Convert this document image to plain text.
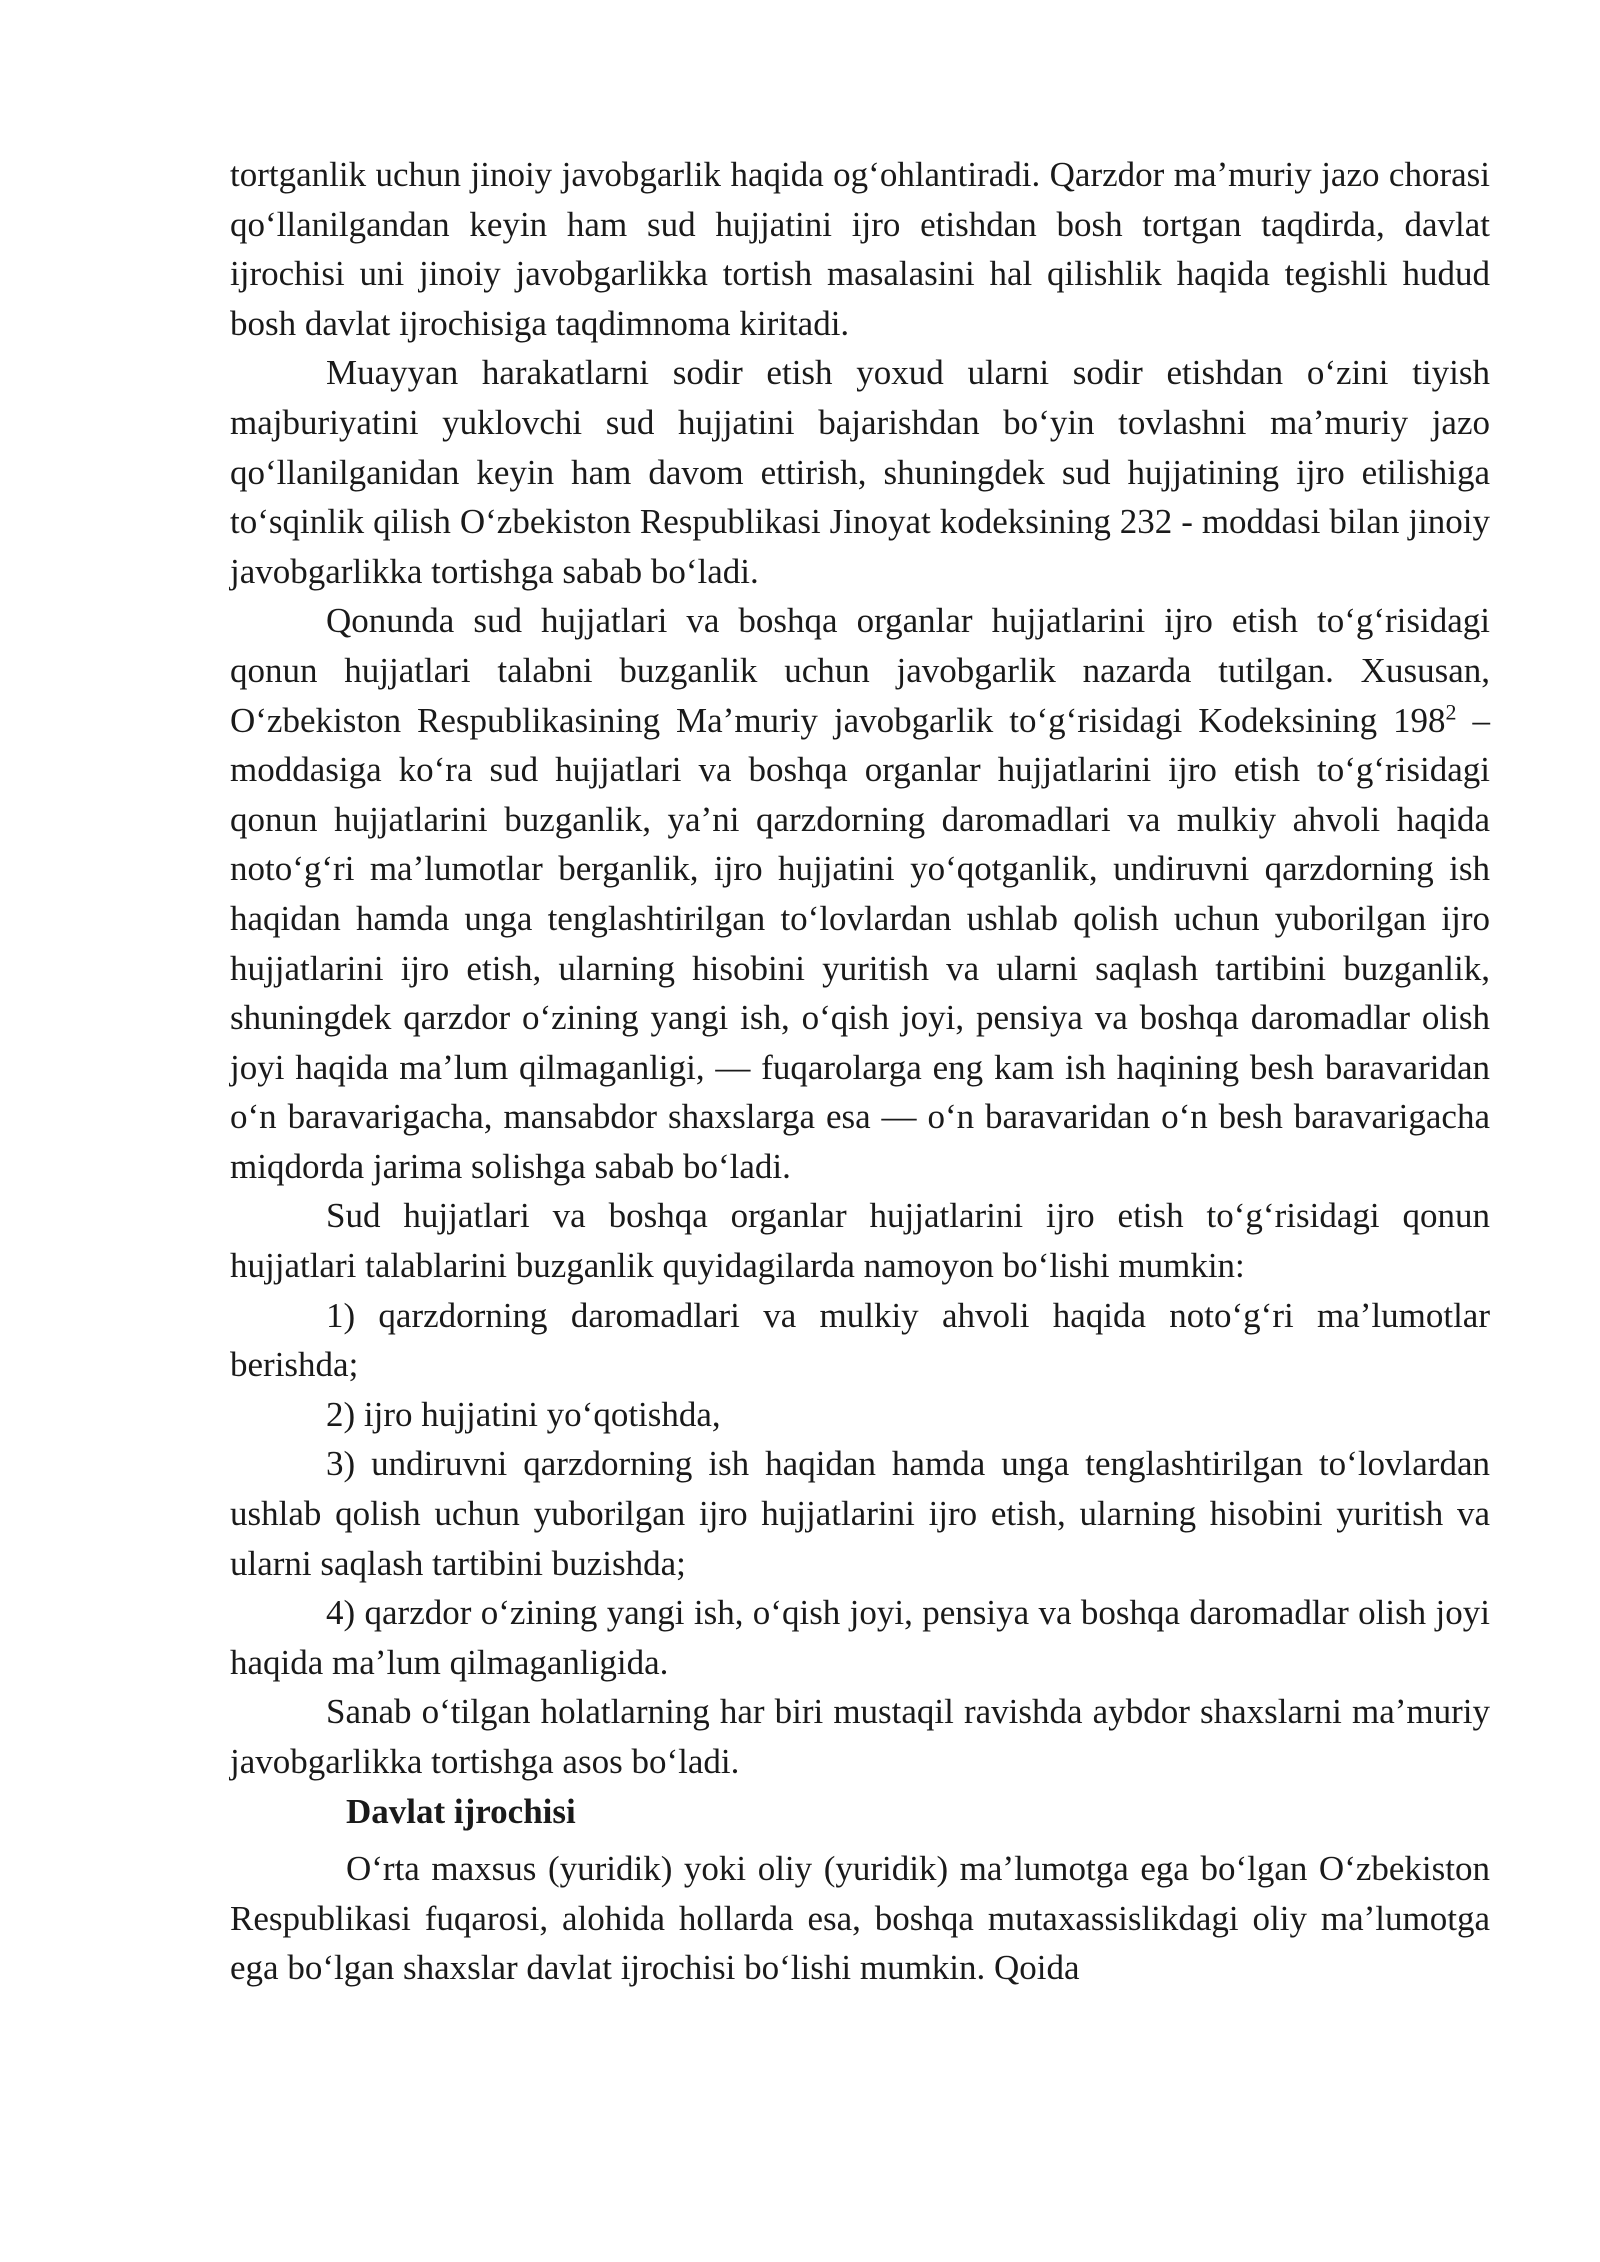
tortganlik uchun jinoiy javobgarlik haqida ogʻohlantiradi. Qarzdor maʼmuriy jazo chorasi qoʻllanilgandan keyin ham sud hujjatini ijro etishdan bosh tortgan taqdirda, davlat ijrochisi uni jinoiy javobgarlikka tortish masalasini hal qilishlik haqida tegishli hudud bosh davlat ijrochisiga taqdimnoma kiritadi.

Muayyan harakatlarni sodir etish yoxud ularni sodir etishdan oʻzini tiyish majburiyatini yuklovchi sud hujjatini bajarishdan boʻyin tovlashni maʼmuriy jazo qoʻllanilganidan keyin ham davom ettirish, shuningdek sud hujjatining ijro etilishiga toʻsqinlik qilish Oʻzbekiston Respublikasi Jinoyat kodeksining 232 - moddasi bilan jinoiy javobgarlikka tortishga sabab boʻladi.

Qonunda sud hujjatlari va boshqa organlar hujjatlarini ijro etish toʻgʻrisidagi qonun hujjatlari talabni buzganlik uchun javobgarlik nazarda tutilgan. Xususan, Oʻzbekiston Respublikasining Maʼmuriy javobgarlik toʻgʻrisidagi Kodeksining $198^2$ – moddasiga koʻra sud hujjatlari va boshqa organlar hujjatlarini ijro etish toʻgʻrisidagi qonun hujjatlarini buzganlik, yaʼni qarzdorning daromadlari va mulkiy ahvoli haqida notoʻgʻri maʼlumotlar berganlik, ijro hujjatini yoʻqotganlik, undiruvni qarzdorning ish haqidan hamda unga tenglashtirilgan toʻlovlardan ushlab qolish uchun yuborilgan ijro hujjatlarini ijro etish, ularning hisobini yuritish va ularni saqlash tartibini buzganlik, shuningdek qarzdor oʻzining yangi ish, oʻqish joyi, pensiya va boshqa daromadlar olish joyi haqida maʼlum qilmaganligi, — fuqarolarga eng kam ish haqining besh baravaridan oʻn baravarigacha, mansabdor shaxslarga esa — oʻn baravaridan oʻn besh baravarigacha miqdorda jarima solishga sabab boʻladi.

Sud hujjatlari va boshqa organlar hujjatlarini ijro etish toʻgʻrisidagi qonun hujjatlari talablarini buzganlik quyidagilarda namoyon boʻlishi mumkin:

1) qarzdorning daromadlari va mulkiy ahvoli haqida notoʻgʻri maʼlumotlar berishda;

2) ijro hujjatini yoʻqotishda,

3) undiruvni qarzdorning ish haqidan hamda unga tenglashtirilgan toʻlovlardan ushlab qolish uchun yuborilgan ijro hujjatlarini ijro etish, ularning hisobini yuritish va ularni saqlash tartibini buzishda;

4) qarzdor oʻzining yangi ish, oʻqish joyi, pensiya va boshqa daromadlar olish joyi haqida maʼlum qilmaganligida.

Sanab oʻtilgan holatlarning har biri mustaqil ravishda aybdor shaxslarni maʼmuriy javobgarlikka tortishga asos boʻladi.

Davlat ijrochisi

Oʻrta maxsus (yuridik) yoki oliy (yuridik) maʼlumotga ega boʻlgan Oʻzbekiston Respublikasi fuqarosi, alohida hollarda esa, boshqa mutaxassislikdagi oliy maʼlumotga ega boʻlgan shaxslar davlat ijrochisi boʻlishi mumkin. Qoida
